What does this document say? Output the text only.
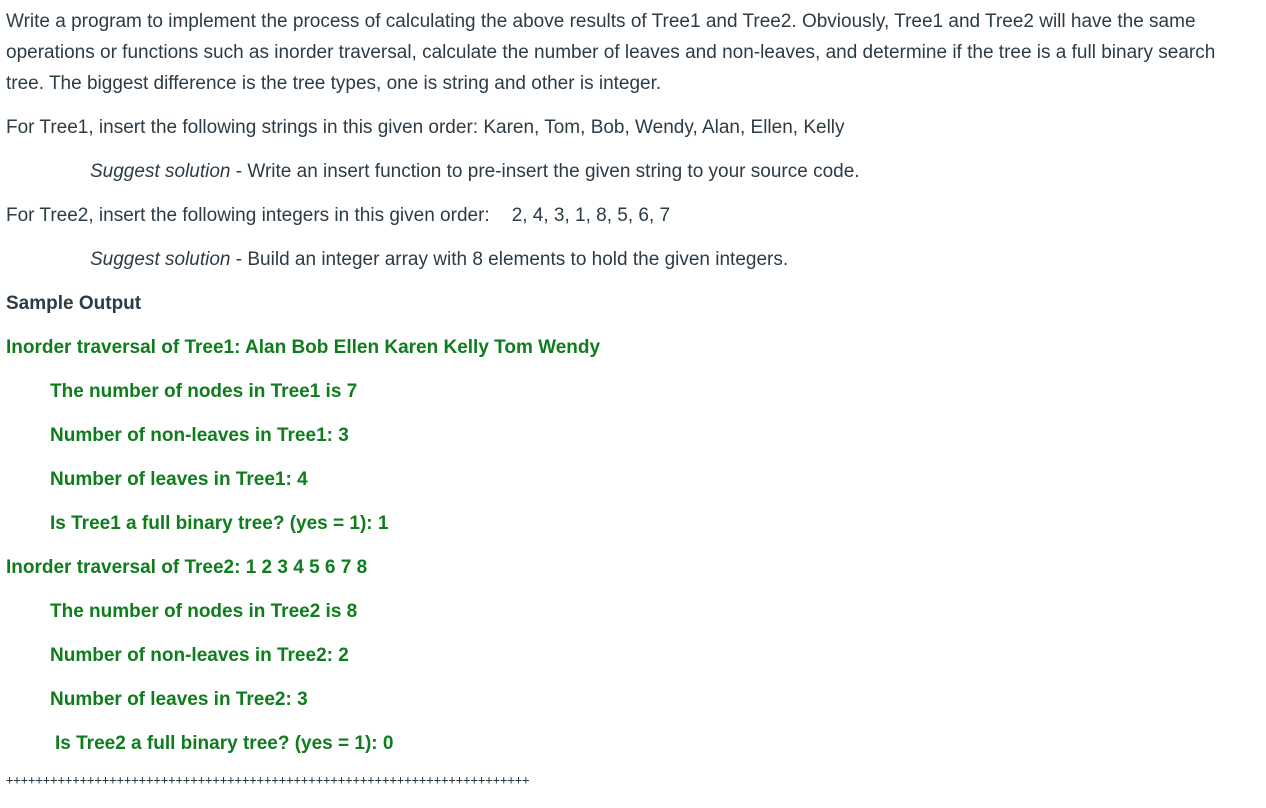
Write a program to implement the process of calculating the above results of Tree1 and Tree2. Obviously, Tree1 and Tree2 will have the same operations or functions such as inorder traversal, calculate the number of leaves and non-leaves, and determine if the tree is a full binary search tree. The biggest difference is the tree types, one is string and other is integer.

For Tree1, insert the following strings in this given order: Karen, Tom, Bob, Wendy, Alan, Ellen, Kelly

Suggest solution - Write an insert function to pre-insert the given string to your source code.

For Tree2, insert the following integers in this given order: 2, 4, 3, 1, 8, 5, 6, 7

Suggest solution - Build an integer array with 8 elements to hold the given integers.

Sample Output

Inorder traversal of Tree1: Alan Bob Ellen Karen Kelly Tom Wendy

The number of nodes in Tree1 is 7

Number of non-leaves in Tree1: 3

Number of leaves in Tree1: 4

Is Tree1 a full binary tree? (yes = 1): 1

Inorder traversal of Tree2: 1 2 3 4 5 6 7 8

The number of nodes in Tree2 is 8

Number of non-leaves in Tree2: 2

Number of leaves in Tree2: 3

Is Tree2 a full binary tree? (yes = 1): 0

+++++++++++++++++++++++++++++++++++++++++++++++++++++++++++++++++++++++
